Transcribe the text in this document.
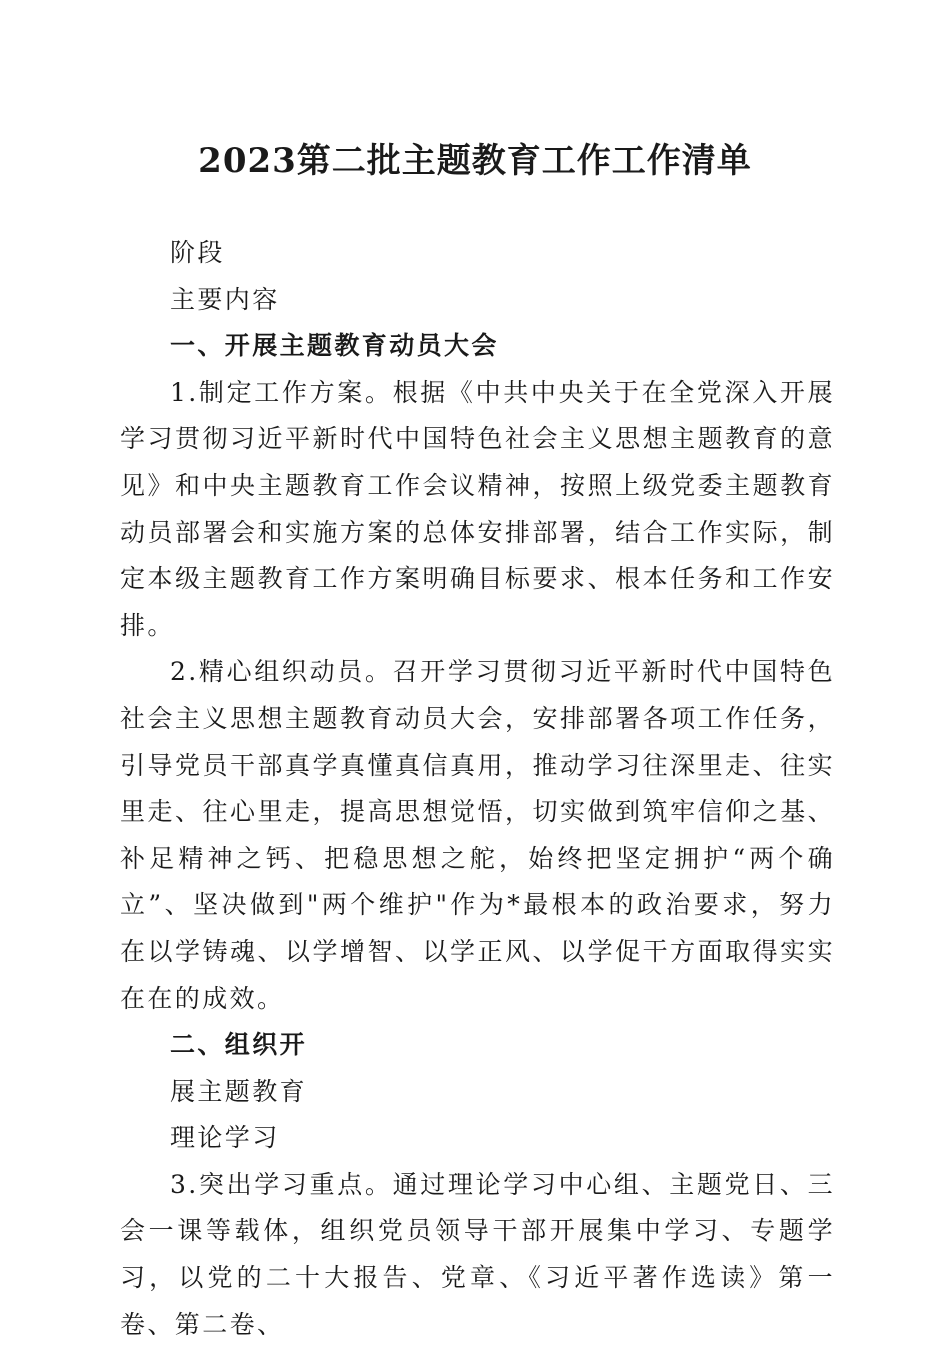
2023第二批主题教育工作工作清单

阶段

主要内容

一、开展主题教育动员大会

1.制定工作方案。根据《中共中央关于在全党深入开展学习贯彻习近平新时代中国特色社会主义思想主题教育的意见》和中央主题教育工作会议精神，按照上级党委主题教育动员部署会和实施方案的总体安排部署，结合工作实际，制定本级主题教育工作方案明确目标要求、根本任务和工作安排。

2.精心组织动员。召开学习贯彻习近平新时代中国特色社会主义思想主题教育动员大会，安排部署各项工作任务，引导党员干部真学真懂真信真用，推动学习往深里走、往实里走、往心里走，提高思想觉悟，切实做到筑牢信仰之基、补足精神之钙、把稳思想之舵，始终把坚定拥护“两个确立”、坚决做到"两个维护"作为*最根本的政治要求，努力在以学铸魂、以学增智、以学正风、以学促干方面取得实实在在的成效。

二、组织开

展主题教育

理论学习

3.突出学习重点。通过理论学习中心组、主题党日、三会一课等载体，组织党员领导干部开展集中学习、专题学习，以党的二十大报告、党章、《习近平著作选读》第一卷、第二卷、
